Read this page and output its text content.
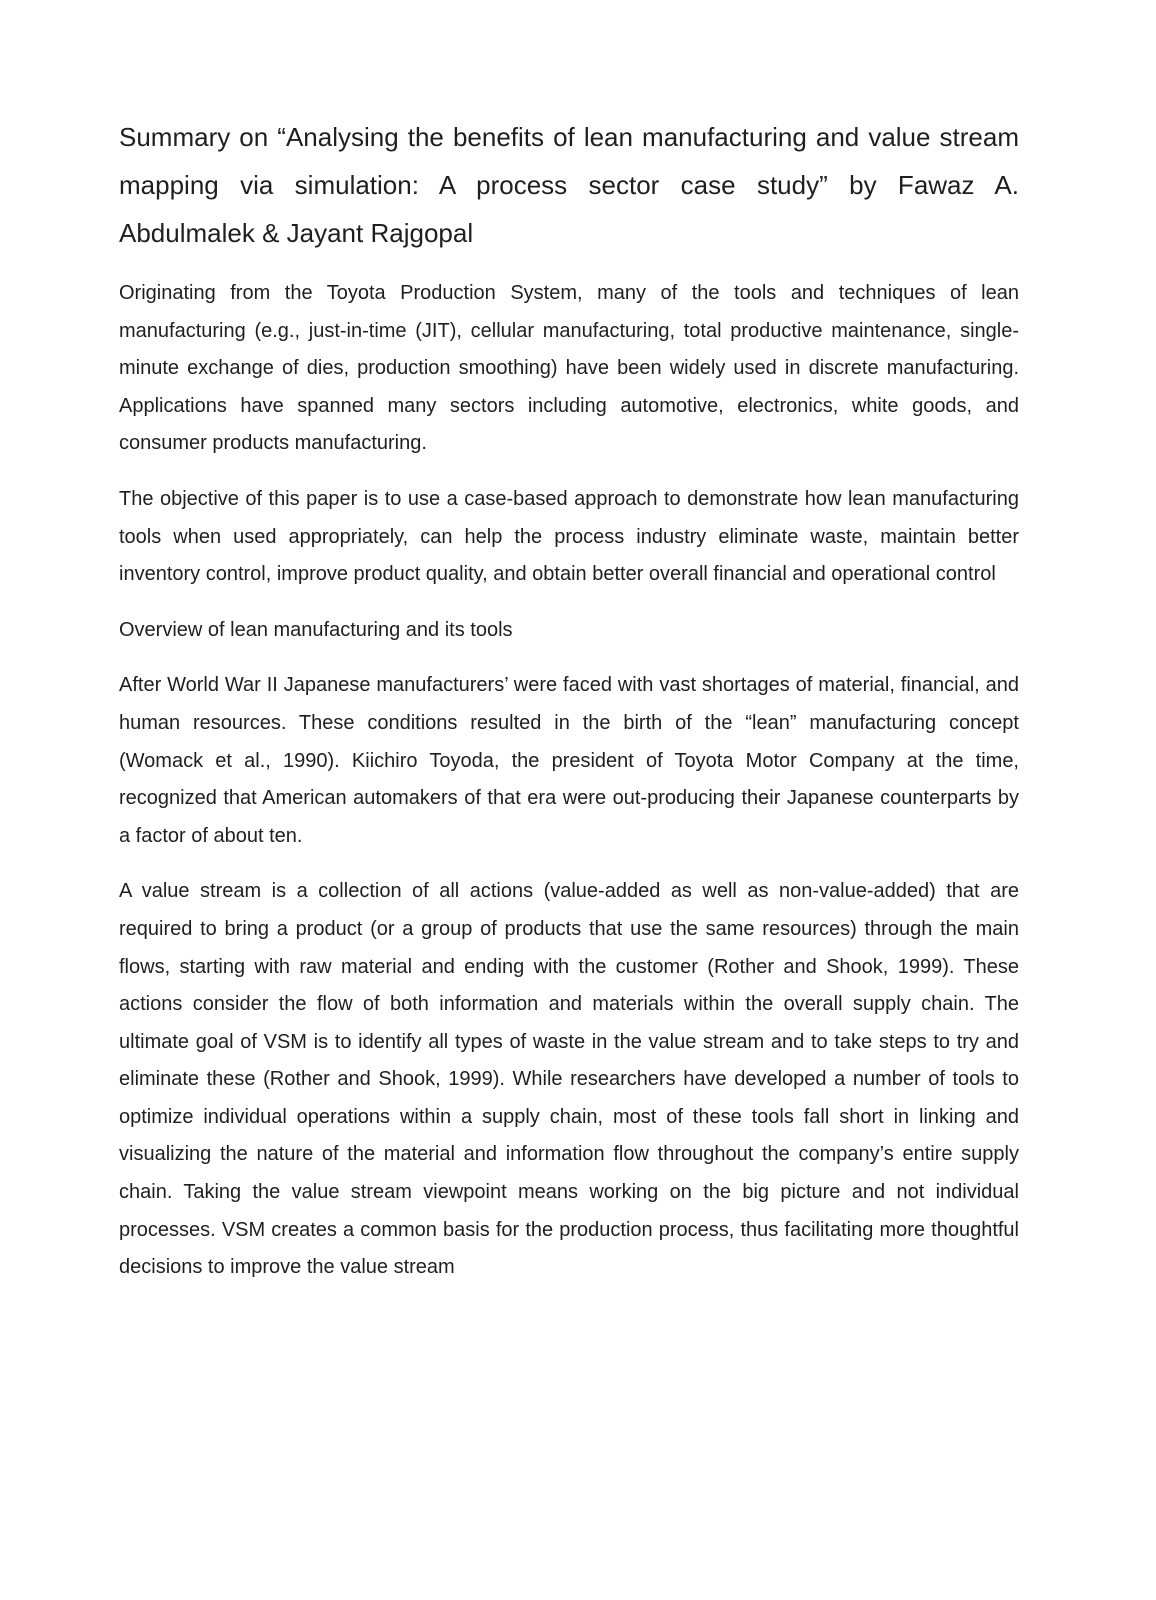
Summary on “Analysing the benefits of lean manufacturing and value stream mapping via simulation: A process sector case study” by Fawaz A. Abdulmalek & Jayant Rajgopal

Originating from the Toyota Production System, many of the tools and techniques of lean manufacturing (e.g., just-in-time (JIT), cellular manufacturing, total productive maintenance, single-minute exchange of dies, production smoothing) have been widely used in discrete manufacturing. Applications have spanned many sectors including automotive, electronics, white goods, and consumer products manufacturing.

The objective of this paper is to use a case-based approach to demonstrate how lean manufacturing tools when used appropriately, can help the process industry eliminate waste, maintain better inventory control, improve product quality, and obtain better overall financial and operational control

Overview of lean manufacturing and its tools

After World War II Japanese manufacturers’ were faced with vast shortages of material, financial, and human resources. These conditions resulted in the birth of the “lean” manufacturing concept (Womack et al., 1990). Kiichiro Toyoda, the president of Toyota Motor Company at the time, recognized that American automakers of that era were out-producing their Japanese counterparts by a factor of about ten.

A value stream is a collection of all actions (value-added as well as non-value-added) that are required to bring a product (or a group of products that use the same resources) through the main flows, starting with raw material and ending with the customer (Rother and Shook, 1999). These actions consider the flow of both information and materials within the overall supply chain. The ultimate goal of VSM is to identify all types of waste in the value stream and to take steps to try and eliminate these (Rother and Shook, 1999). While researchers have developed a number of tools to optimize individual operations within a supply chain, most of these tools fall short in linking and visualizing the nature of the material and information flow throughout the company’s entire supply chain. Taking the value stream viewpoint means working on the big picture and not individual processes. VSM creates a common basis for the production process, thus facilitating more thoughtful decisions to improve the value stream
